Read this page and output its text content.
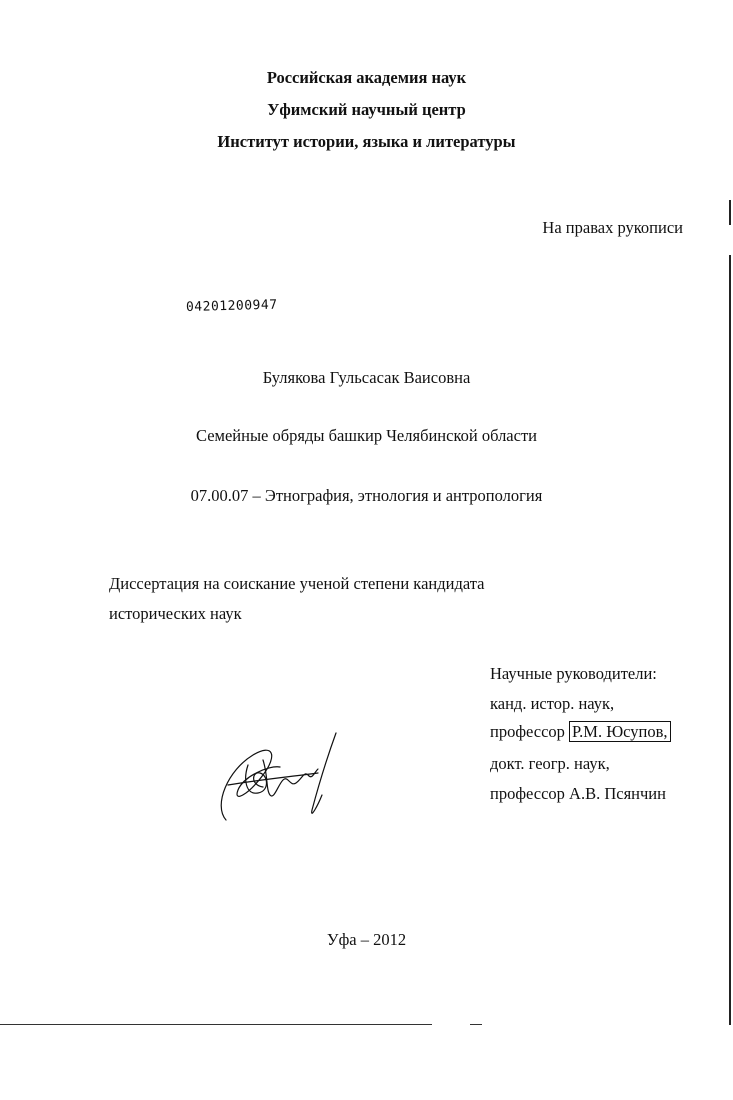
Российская академия наук
Уфимский научный центр
Институт истории, языка и литературы
На правах рукописи
04201200947
Булякова Гульсасак Ваисовна
Семейные обряды башкир Челябинской области
07.00.07 – Этнография, этнология и антропология
Диссертация на соискание ученой степени кандидата
исторических наук
Научные руководители:
канд. истор. наук,
профессор Р.М. Юсупов,
докт. геогр. наук,
профессор А.В. Псянчин
Уфа – 2012
